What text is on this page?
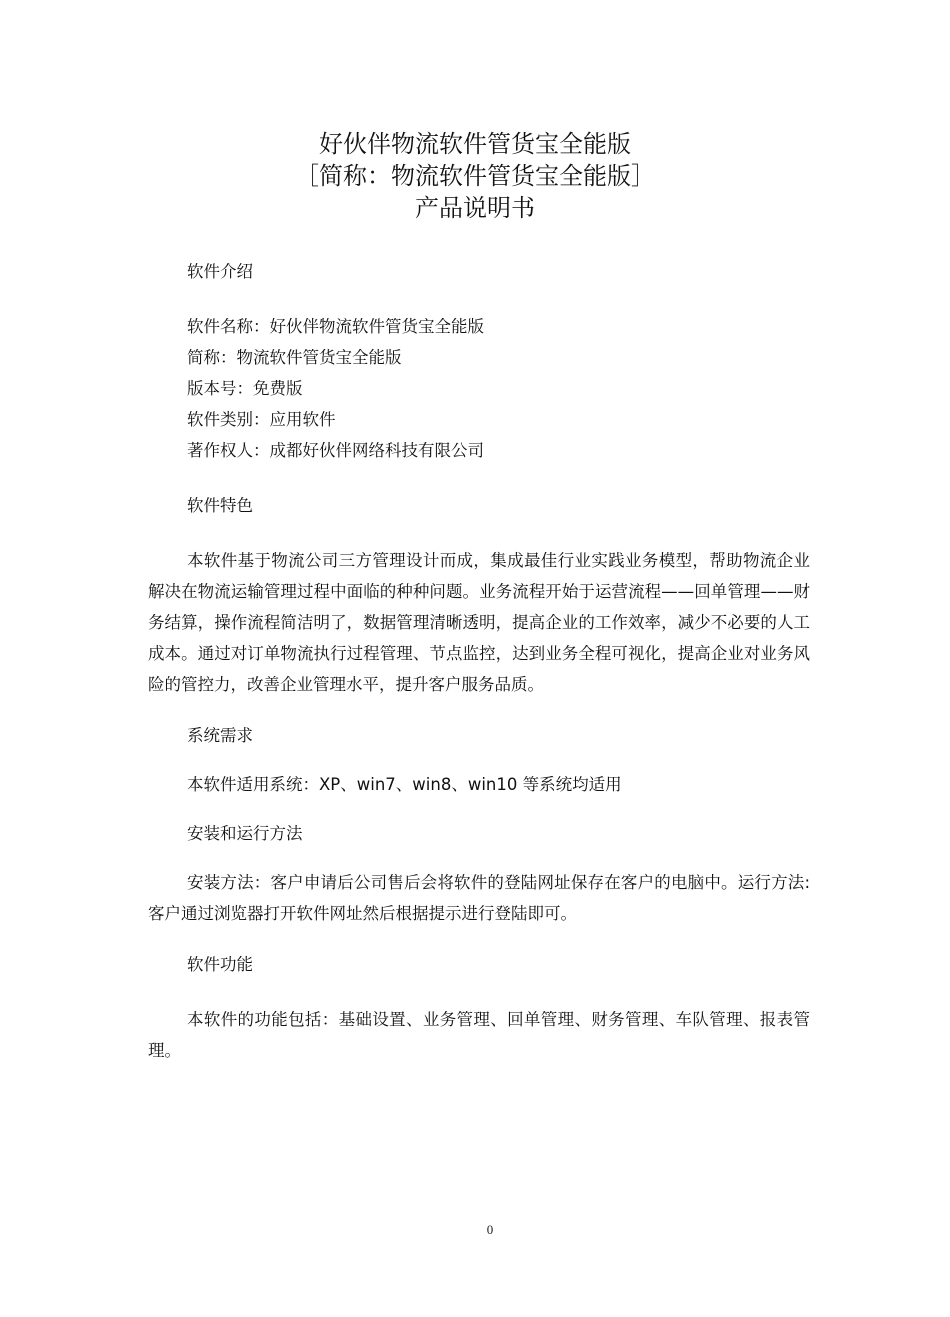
好伙伴物流软件管货宝全能版
［简称：物流软件管货宝全能版］
产品说明书

软件介绍

软件名称：好伙伴物流软件管货宝全能版

简称：物流软件管货宝全能版

版本号：免费版

软件类别：应用软件

著作权人：成都好伙伴网络科技有限公司

软件特色

本软件基于物流公司三方管理设计而成，集成最佳行业实践业务模型，帮助物流企业解决在物流运输管理过程中面临的种种问题。业务流程开始于运营流程——回单管理——财务结算，操作流程简洁明了，数据管理清晰透明，提高企业的工作效率，减少不必要的人工成本。通过对订单物流执行过程管理、节点监控，达到业务全程可视化，提高企业对业务风险的管控力，改善企业管理水平，提升客户服务品质。

系统需求

本软件适用系统：XP、win7、win8、win10 等系统均适用

安装和运行方法

安装方法：客户申请后公司售后会将软件的登陆网址保存在客户的电脑中。运行方法:客户通过浏览器打开软件网址然后根据提示进行登陆即可。

软件功能

本软件的功能包括：基础设置、业务管理、回单管理、财务管理、车队管理、报表管理。

0
